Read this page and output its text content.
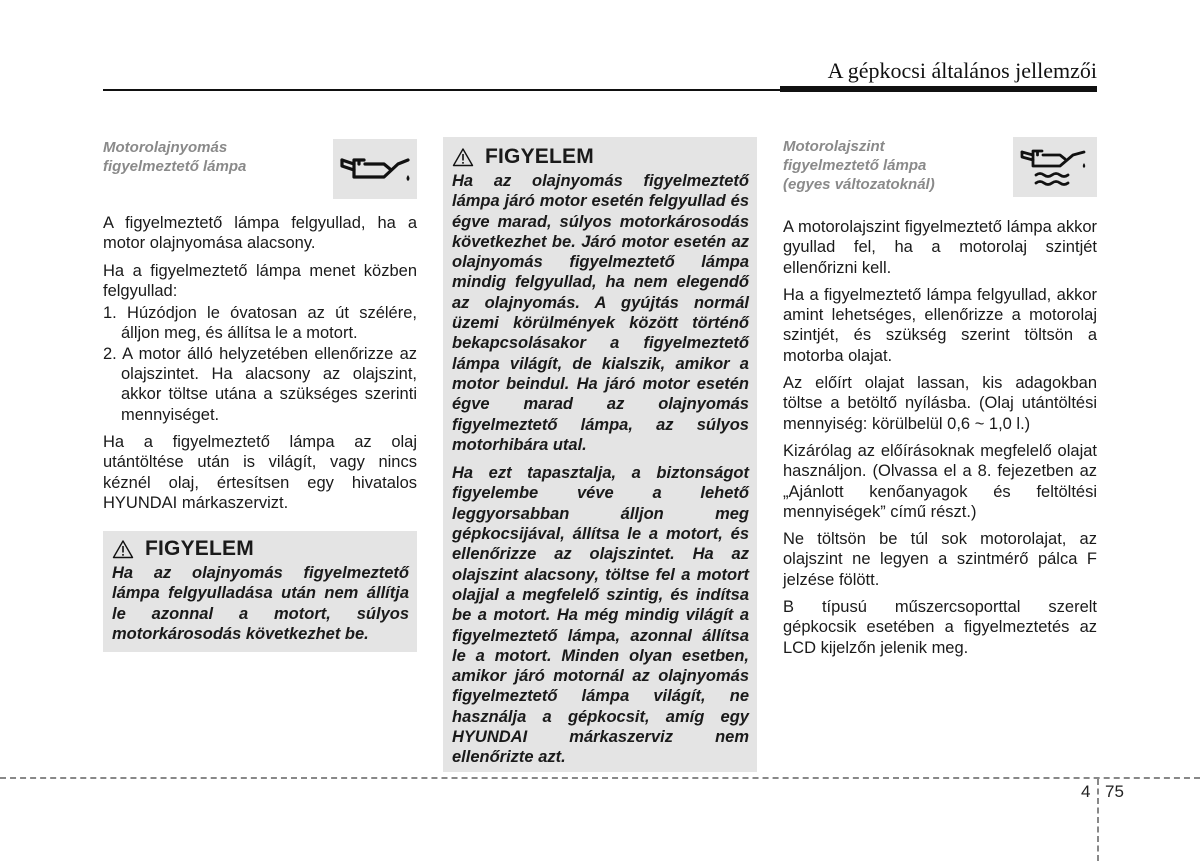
A gépkocsi általános jellemzői
Motorolajnyomás figyelmeztető lámpa

A figyelmeztető lámpa felgyullad, ha a motor olajnyomása alacsony.

Ha a figyelmeztető lámpa menet közben felgyullad:

1. Húzódjon le óvatosan az út szélére, álljon meg, és állítsa le a motort.
2. A motor álló helyzetében ellenőrizze az olajszintet. Ha alacsony az olajszint, akkor töltse utána a szükséges szerinti mennyiséget.

Ha a figyelmeztető lámpa az olaj utántöltése után is világít, vagy nincs kéznél olaj, értesítsen egy hivatalos HYUNDAI márkaszervizt.

FIGYELEM

Ha az olajnyomás figyelmeztető lámpa felgyulladása után nem állítja le azonnal a motort, súlyos motorkárosodás következhet be.

FIGYELEM

Ha az olajnyomás figyelmeztető lámpa járó motor esetén felgyullad és égve marad, súlyos motorkárosodás következhet be. Járó motor esetén az olajnyomás figyelmeztető lámpa mindig felgyullad, ha nem elegendő az olajnyomás. A gyújtás normál üzemi körülmények között történő bekapcsolásakor a figyelmeztető lámpa világít, de kialszik, amikor a motor beindul. Ha járó motor esetén égve marad az olajnyomás figyelmeztető lámpa, az súlyos motorhibára utal.

Ha ezt tapasztalja, a biztonságot figyelembe véve a lehető leggyorsabban álljon meg gépkocsijával, állítsa le a motort, és ellenőrizze az olajszintet. Ha az olajszint alacsony, töltse fel a motort olajjal a megfelelő szintig, és indítsa be a motort. Ha még mindig világít a figyelmeztető lámpa, azonnal állítsa le a motort. Minden olyan esetben, amikor járó motornál az olajnyomás figyelmeztető lámpa világít, ne használja a gépkocsit, amíg egy HYUNDAI márkaszerviz nem ellenőrizte azt.

Motorolajszint figyelmeztető lámpa (egyes változatoknál)

A motorolajszint figyelmeztető lámpa akkor gyullad fel, ha a motorolaj szintjét ellenőrizni kell.

Ha a figyelmeztető lámpa felgyullad, akkor amint lehetséges, ellenőrizze a motorolaj szintjét, és szükség szerint töltsön a motorba olajat.

Az előírt olajat lassan, kis adagokban töltse a betöltő nyílásba. (Olaj utántöltési mennyiség: körülbelül 0,6 ~ 1,0 l.)

Kizárólag az előírásoknak megfelelő olajat használjon. (Olvassa el a 8. fejezetben az „Ajánlott kenőanyagok és feltöltési mennyiségek” című részt.)

Ne töltsön be túl sok motorolajat, az olajszint ne legyen a szintmérő pálca F jelzése fölött.

B típusú műszercsoporttal szerelt gépkocsik esetében a figyelmeztetés az LCD kijelzőn jelenik meg.

4 75
